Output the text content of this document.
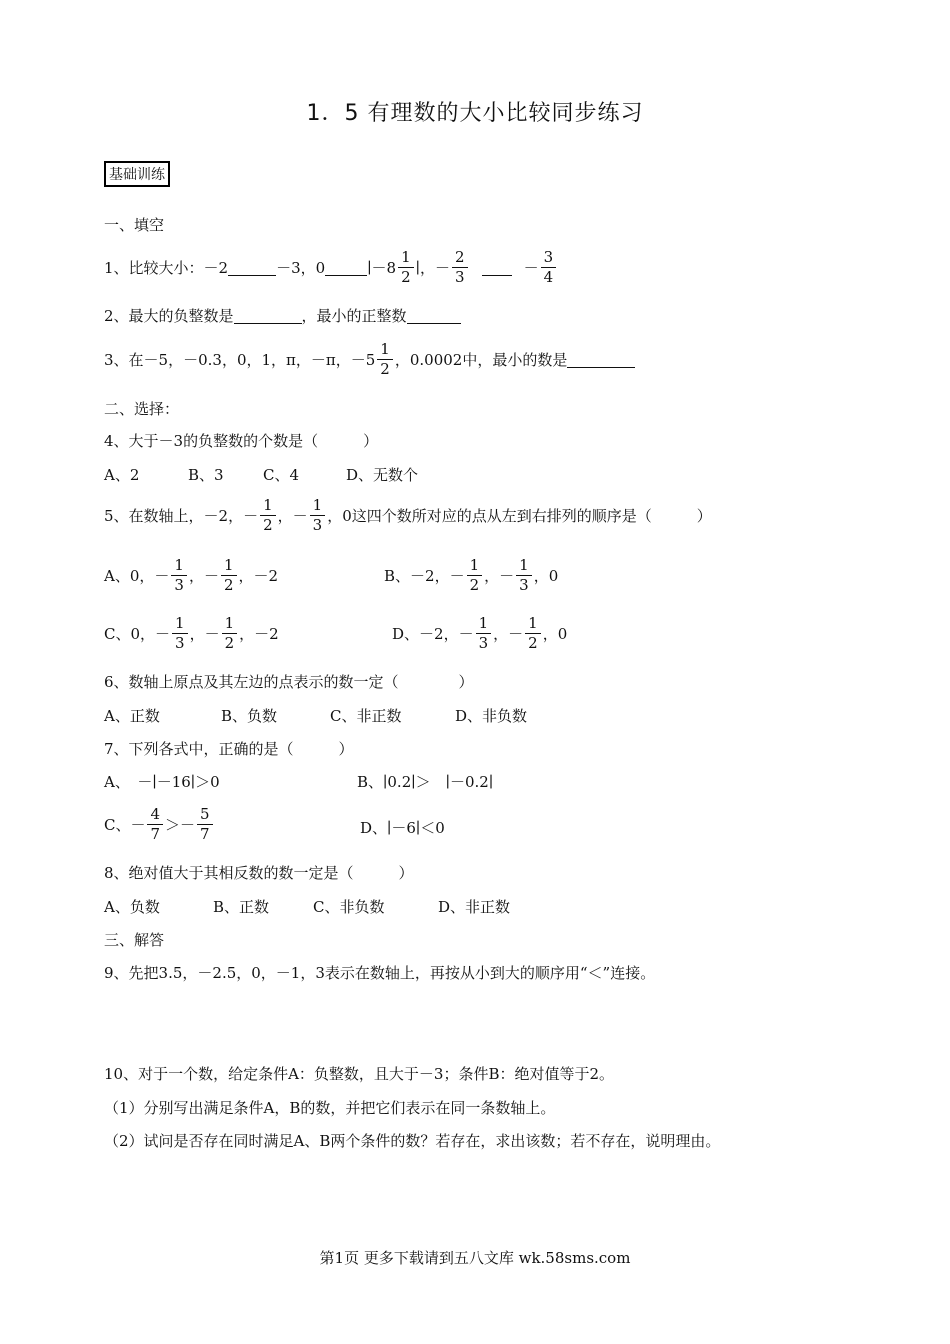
1．5 有理数的大小比较同步练习
基础训练
一、填空
1、比较大小：－2	－3，0	∣－8 $\frac{1}{2}$ ∣，－ $\frac{2}{3}$	－ $\frac{3}{4}$
2、最大的负整数是	，最小的正整数
3、在－5，－0.3，0，1，π，－π，$-5 \frac{1}{2}$ ，0.0002中，最小的数是
二、选择：
4、大于－3的负整数的个数是（　　　）
A、2	B、3	C、4	D、无数个
5、在数轴上，－2，－ $\frac{1}{2}$ ，－ $\frac{1}{3}$ ，0这四个数所对应的点从左到右排列的顺序是（　　　）
A、0，－ $\frac{1}{3}$ ，－ $\frac{1}{2}$ ，－2	B、－2，－ $\frac{1}{2}$ ，－ $\frac{1}{3}$ ，0
C、0，－ $\frac{1}{3}$ ，－ $\frac{1}{2}$ ，－2	D、－2，－ $\frac{1}{3}$ ，－ $\frac{1}{2}$ ，0
6、数轴上原点及其左边的点表示的数一定（　　　　）
A、正数	B、负数	C、非正数	D、非负数
7、下列各式中，正确的是（　　　）
A、　－∣－16∣＞0	B、∣0.2∣＞　∣－0.2∣
C、－ $\frac{4}{7} >- \frac{5}{7}$	D、∣－6∣＜0
8、绝对值大于其相反数的数一定是（　　　）
A、负数	B、正数	C、非负数	D、非正数
三、解答
9、先把3.5，－2.5，0，－1，3表示在数轴上，再按从小到大的顺序用“＜”连接。
10、对于一个数，给定条件A：负整数，且大于－3；条件B：绝对值等于2。
（1）分别写出满足条件A，B的数，并把它们表示在同一条数轴上。
（2）试问是否存在同时满足A、B两个条件的数？若存在，求出该数；若不存在，说明理由。
第1页 更多下载请到五八文库 wk.58sms.com
